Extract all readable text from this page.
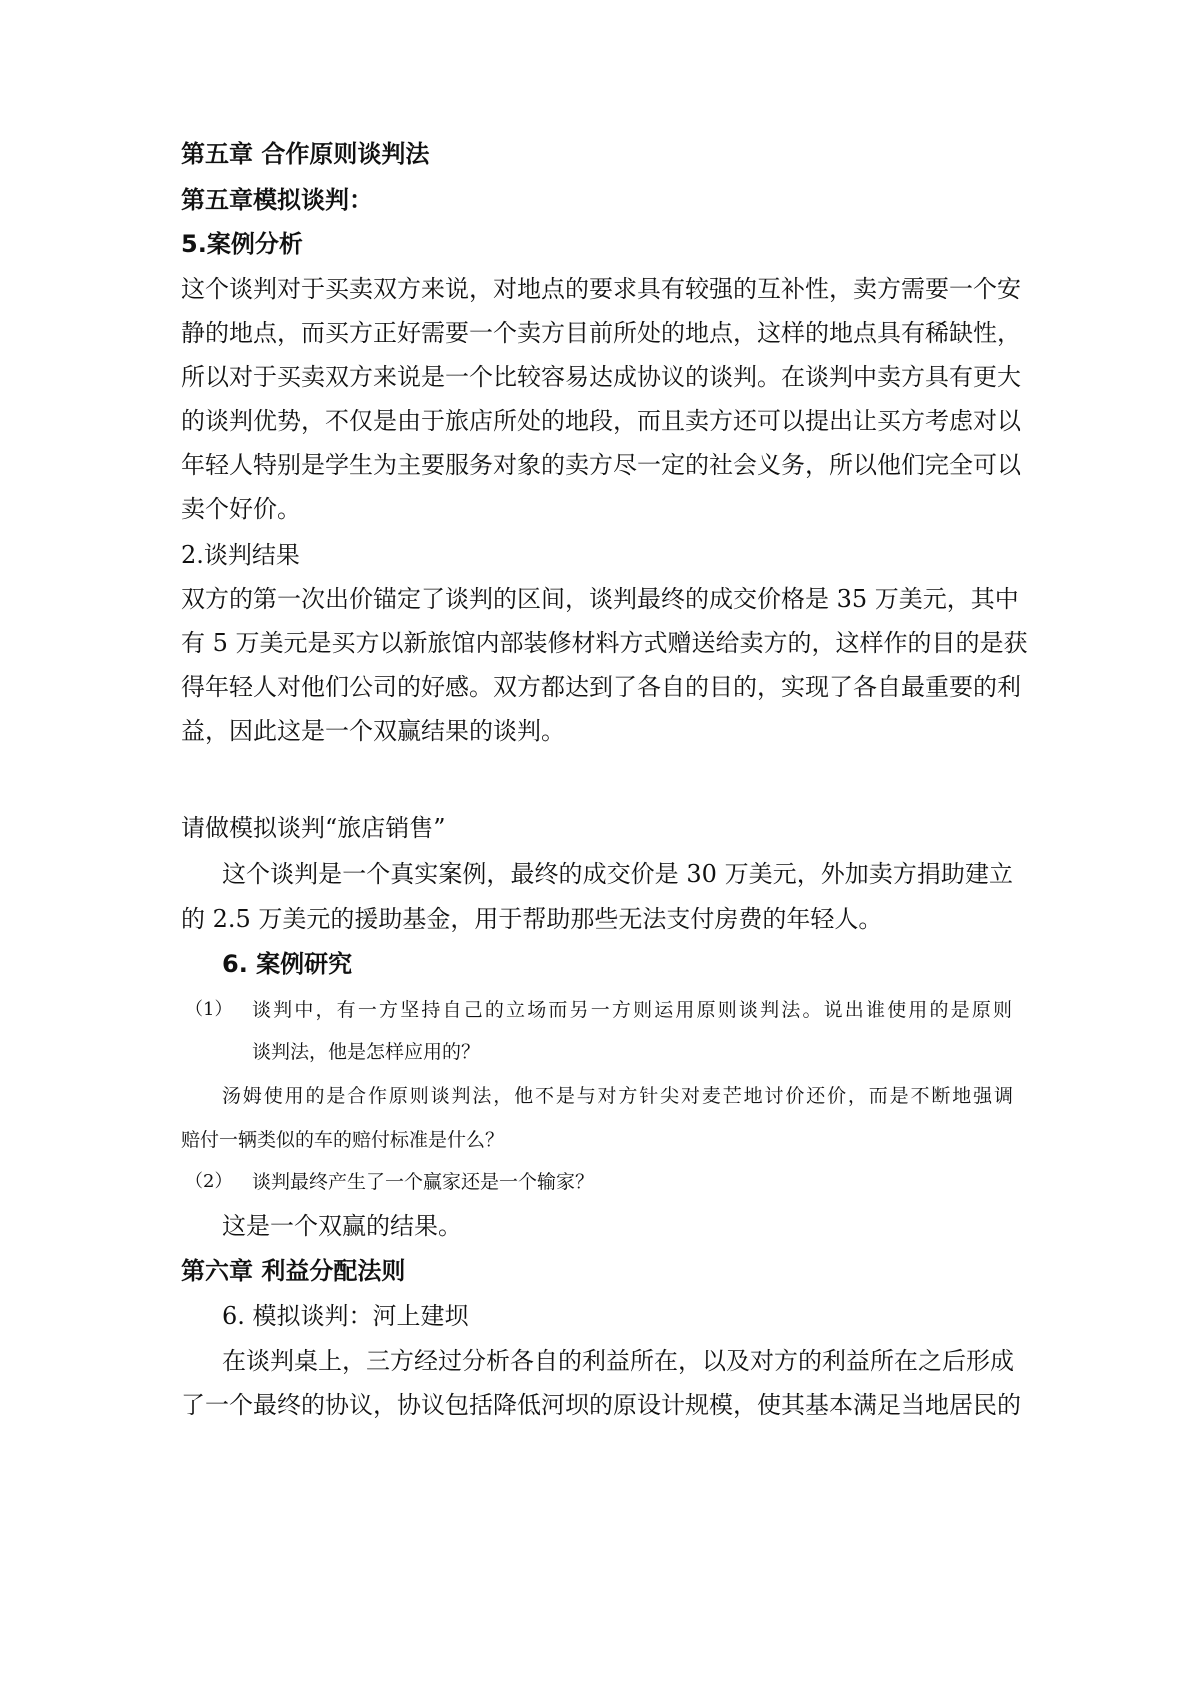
第五章 合作原则谈判法
第五章模拟谈判：
5.案例分析
这个谈判对于买卖双方来说，对地点的要求具有较强的互补性，卖方需要一个安
静的地点，而买方正好需要一个卖方目前所处的地点，这样的地点具有稀缺性，
所以对于买卖双方来说是一个比较容易达成协议的谈判。在谈判中卖方具有更大
的谈判优势，不仅是由于旅店所处的地段，而且卖方还可以提出让买方考虑对以
年轻人特别是学生为主要服务对象的卖方尽一定的社会义务，所以他们完全可以
卖个好价。
2.谈判结果
双方的第一次出价锚定了谈判的区间，谈判最终的成交价格是 35 万美元，其中
有 5 万美元是买方以新旅馆内部装修材料方式赠送给卖方的，这样作的目的是获
得年轻人对他们公司的好感。双方都达到了各自的目的，实现了各自最重要的利
益，因此这是一个双赢结果的谈判。
请做模拟谈判“旅店销售”
这个谈判是一个真实案例，最终的成交价是 30 万美元，外加卖方捐助建立
的 2.5 万美元的援助基金，用于帮助那些无法支付房费的年轻人。
6. 案例研究
（1） 谈判中，有一方坚持自己的立场而另一方则运用原则谈判法。说出谁使用的是原则
谈判法，他是怎样应用的？
汤姆使用的是合作原则谈判法，他不是与对方针尖对麦芒地讨价还价，而是不断地强调
赔付一辆类似的车的赔付标准是什么？
（2） 谈判最终产生了一个赢家还是一个输家？
这是一个双赢的结果。
第六章 利益分配法则
6. 模拟谈判：河上建坝
在谈判桌上，三方经过分析各自的利益所在，以及对方的利益所在之后形成
了一个最终的协议，协议包括降低河坝的原设计规模，使其基本满足当地居民的
